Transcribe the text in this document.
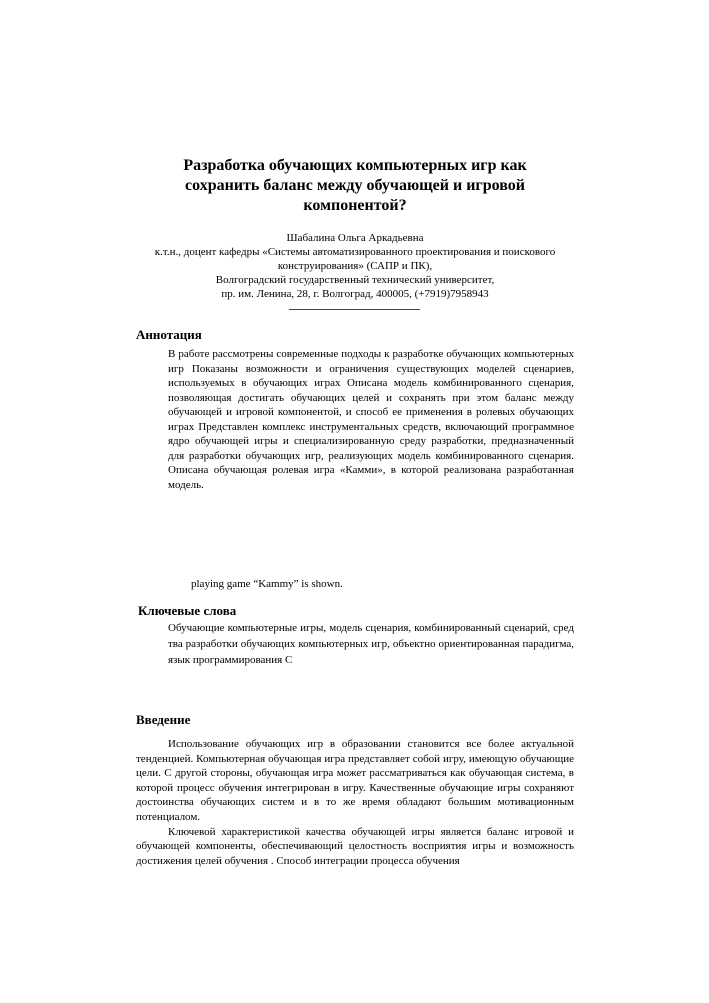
Разработка обучающих компьютерных игр как
сохранить баланс между обучающей и игровой
компонентой?
Шабалина Ольга Аркадьевна
к.т.н., доцент кафедры «Системы автоматизированного проектирования и поискового
конструирования» (САПР и ПК),
Волгоградский государственный технический университет,
пр. им. Ленина, 28, г. Волгоград, 400005, (+7919)7958943
Аннотация
В работе рассмотрены современные подходы к разработке обучающих компьютерных игр Показаны возможности и ограничения существующих моделей сценариев, используемых в обучающих играх Описана модель комбинированного сценария, позволяющая достигать обучающих целей и сохранять при этом баланс между обучающей и игровой компонентой, и способ ее применения в ролевых обучающих играх Представлен комплекс инструментальных средств, включающий программное ядро обучающей игры и специализированную среду разработки, предназначенный для разработки обучающих игр, реализующих модель комбинированного сценария. Описана обучающая ролевая игра «Камми», в которой реализована разработанная модель.
playing game “Kammy” is shown.
Ключевые слова
Обучающие компьютерные игры, модель сценария, комбинированный сценарий, сред тва разработки обучающих компьютерных игр, объектно ориентированная парадигма, язык программирования С
Введение

Использование обучающих игр в образовании становится все более актуальной тенденцией. Компьютерная обучающая игра представляет собой игру, имеющую обучающие цели. С другой стороны, обучающая игра может рассматриваться как обучающая система, в которой процесс обучения интегрирован в игру. Качественные обучающие игры сохраняют достоинства обучающих систем и в то же время обладают большим мотивационным потенциалом.

Ключевой характеристикой качества обучающей игры является баланс игровой и обучающей компоненты, обеспечивающий целостность восприятия игры и возможность достижения целей обучения . Способ интеграции процесса обучения
